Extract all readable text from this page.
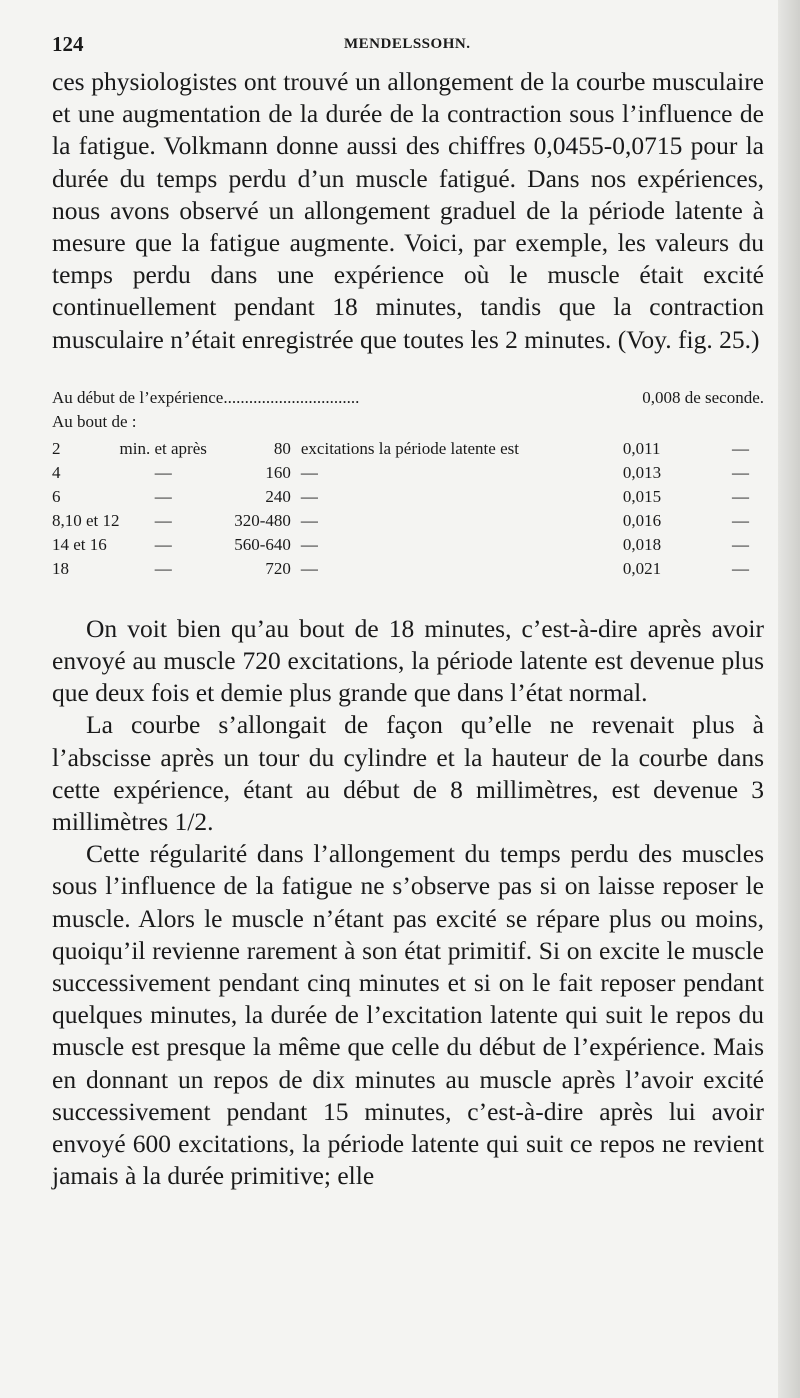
124	MENDELSSOHN.

ces physiologistes ont trouvé un allongement de la courbe musculaire et une augmentation de la durée de la contraction sous l’influence de la fatigue. Volkmann donne aussi des chiffres 0,0455-0,0715 pour la durée du temps perdu d’un muscle fatigué. Dans nos expériences, nous avons observé un allongement graduel de la période latente à mesure que la fatigue augmente. Voici, par exemple, les valeurs du temps perdu dans une expérience où le muscle était excité continuellement pendant 18 minutes, tandis que la contraction musculaire n’était enregistrée que toutes les 2 minutes. (Voy. fig. 25.)

Au début de l’expérience................................	0,008 de seconde.
Au bout de :
2	min. et après	80	excitations la période latente est	0,011	—
4	—	160	—	0,013	—
6	—	240	—	0,015	—
8,10 et 12	—	320-480	—	0,016	—
14 et 16	—	560-640	—	0,018	—
18	—	720	—	0,021	—

On voit bien qu’au bout de 18 minutes, c’est-à-dire après avoir envoyé au muscle 720 excitations, la période latente est devenue plus que deux fois et demie plus grande que dans l’état normal.

La courbe s’allongait de façon qu’elle ne revenait plus à l’abscisse après un tour du cylindre et la hauteur de la courbe dans cette expérience, étant au début de 8 millimètres, est devenue 3 millimètres 1/2.

Cette régularité dans l’allongement du temps perdu des muscles sous l’influence de la fatigue ne s’observe pas si on laisse reposer le muscle. Alors le muscle n’étant pas excité se répare plus ou moins, quoiqu’il revienne rarement à son état primitif. Si on excite le muscle successivement pendant cinq minutes et si on le fait reposer pendant quelques minutes, la durée de l’excitation latente qui suit le repos du muscle est presque la même que celle du début de l’expérience. Mais en donnant un repos de dix minutes au muscle après l’avoir excité successivement pendant 15 minutes, c’est-à-dire après lui avoir envoyé 600 excitations, la période latente qui suit ce repos ne revient jamais à la durée primitive; elle
